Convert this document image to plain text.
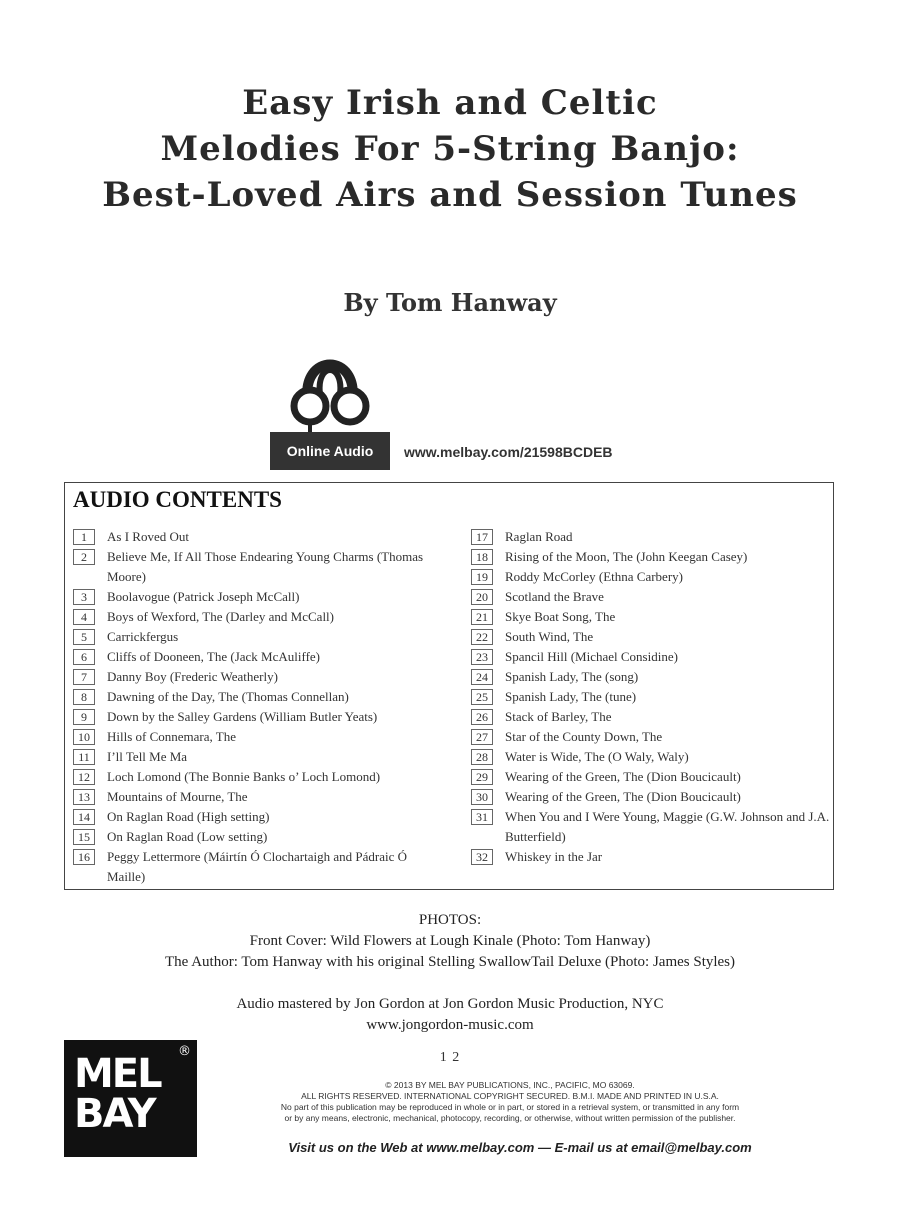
Easy Irish and Celtic
Melodies For 5-String Banjo:
Best-Loved Airs and Session Tunes
By Tom Hanway
Online Audio	www.melbay.com/21598BCDEB
AUDIO CONTENTS
1	As I Roved Out
2	Believe Me, If All Those Endearing Young Charms (Thomas Moore)
3	Boolavogue (Patrick Joseph McCall)
4	Boys of Wexford, The (Darley and McCall)
5	Carrickfergus
6	Cliffs of Dooneen, The (Jack McAuliffe)
7	Danny Boy (Frederic Weatherly)
8	Dawning of the Day, The (Thomas Connellan)
9	Down by the Salley Gardens (William Butler Yeats)
10	Hills of Connemara, The
11	I’ll Tell Me Ma
12	Loch Lomond (The Bonnie Banks o’ Loch Lomond)
13	Mountains of Mourne, The
14	On Raglan Road (High setting)
15	On Raglan Road (Low setting)
16	Peggy Lettermore (Máirtín Ó Clochartaigh and Pádraic Ó Maille)
17	Raglan Road
18	Rising of the Moon, The (John Keegan Casey)
19	Roddy McCorley (Ethna Carbery)
20	Scotland the Brave
21	Skye Boat Song, The
22	South Wind, The
23	Spancil Hill (Michael Considine)
24	Spanish Lady, The (song)
25	Spanish Lady, The (tune)
26	Stack of Barley, The
27	Star of the County Down, The
28	Water is Wide, The (O Waly, Waly)
29	Wearing of the Green, The (Dion Boucicault)
30	Wearing of the Green, The (Dion Boucicault)
31	When You and I Were Young, Maggie (G.W. Johnson and J.A. Butterfield)
32	Whiskey in the Jar
PHOTOS:
Front Cover: Wild Flowers at Lough Kinale (Photo: Tom Hanway)
The Author: Tom Hanway with his original Stelling SwallowTail Deluxe (Photo: James Styles)
Audio mastered by Jon Gordon at Jon Gordon Music Production, NYC
www.jongordon-music.com
1 2
®
MEL
BAY
© 2013 BY MEL BAY PUBLICATIONS, INC., PACIFIC, MO 63069.
ALL RIGHTS RESERVED. INTERNATIONAL COPYRIGHT SECURED. B.M.I. MADE AND PRINTED IN U.S.A.
No part of this publication may be reproduced in whole or in part, or stored in a retrieval system, or transmitted in any form
or by any means, electronic, mechanical, photocopy, recording, or otherwise, without written permission of the publisher.
Visit us on the Web at www.melbay.com — E-mail us at email@melbay.com
